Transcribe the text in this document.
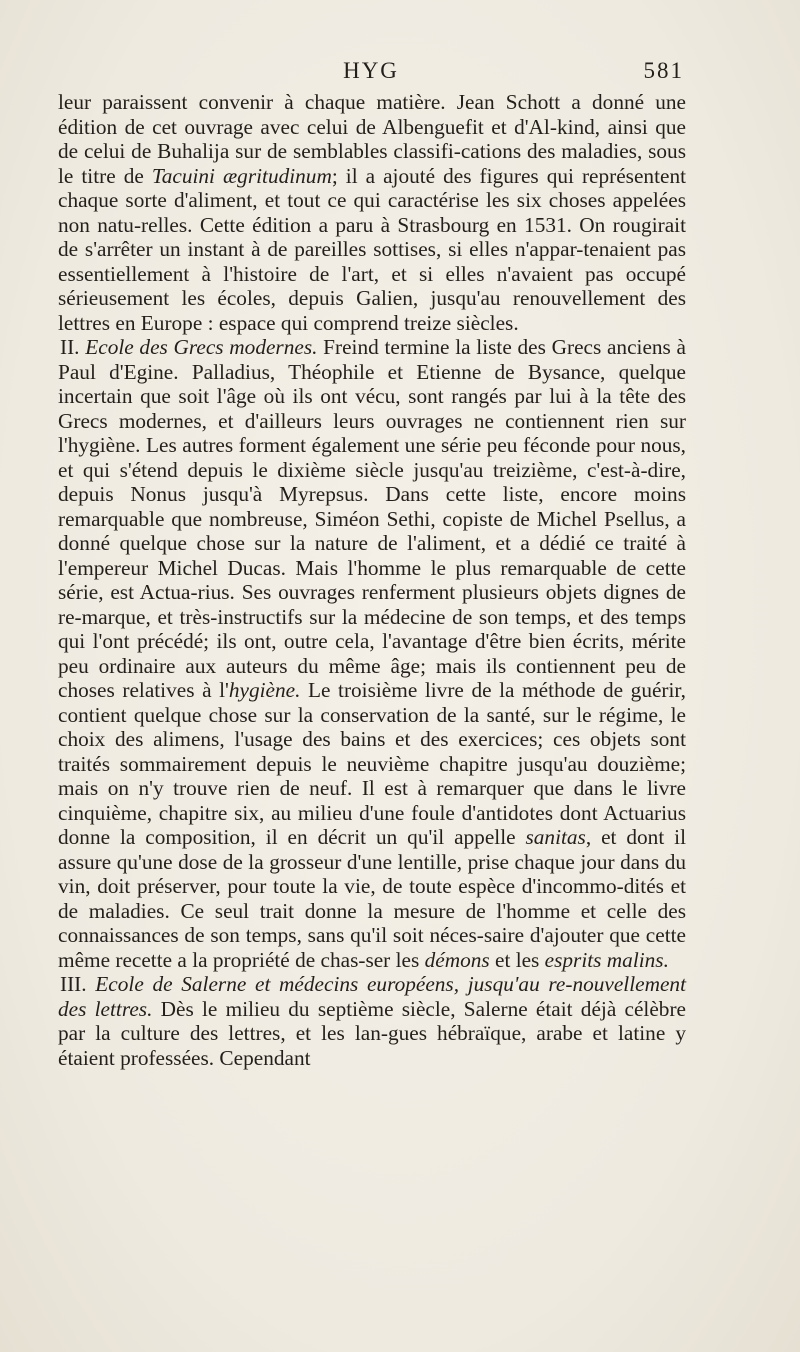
HYG	581

leur paraissent convenir à chaque matière. Jean Schott a donné une édition de cet ouvrage avec celui de Albenguefit et d'Al-kind, ainsi que de celui de Buhalija sur de semblables classifi-cations des maladies, sous le titre de Tacuini ægritudinum; il a ajouté des figures qui représentent chaque sorte d'aliment, et tout ce qui caractérise les six choses appelées non natu-relles. Cette édition a paru à Strasbourg en 1531. On rougirait de s'arrêter un instant à de pareilles sottises, si elles n'appar-tenaient pas essentiellement à l'histoire de l'art, et si elles n'avaient pas occupé sérieusement les écoles, depuis Galien, jusqu'au renouvellement des lettres en Europe : espace qui comprend treize siècles.

II. Ecole des Grecs modernes. Freind termine la liste des Grecs anciens à Paul d'Egine. Palladius, Théophile et Etienne de Bysance, quelque incertain que soit l'âge où ils ont vécu, sont rangés par lui à la tête des Grecs modernes, et d'ailleurs leurs ouvrages ne contiennent rien sur l'hygiène. Les autres forment également une série peu féconde pour nous, et qui s'étend depuis le dixième siècle jusqu'au treizième, c'est-à-dire, depuis Nonus jusqu'à Myrepsus. Dans cette liste, encore moins remarquable que nombreuse, Siméon Sethi, copiste de Michel Psellus, a donné quelque chose sur la nature de l'aliment, et a dédié ce traité à l'empereur Michel Ducas. Mais l'homme le plus remarquable de cette série, est Actua-rius. Ses ouvrages renferment plusieurs objets dignes de re-marque, et très-instructifs sur la médecine de son temps, et des temps qui l'ont précédé; ils ont, outre cela, l'avantage d'être bien écrits, mérite peu ordinaire aux auteurs du même âge; mais ils contiennent peu de choses relatives à l'hygiène. Le troisième livre de la méthode de guérir, contient quelque chose sur la conservation de la santé, sur le régime, le choix des alimens, l'usage des bains et des exercices; ces objets sont traités sommairement depuis le neuvième chapitre jusqu'au douzième; mais on n'y trouve rien de neuf. Il est à remarquer que dans le livre cinquième, chapitre six, au milieu d'une foule d'antidotes dont Actuarius donne la composition, il en décrit un qu'il appelle sanitas, et dont il assure qu'une dose de la grosseur d'une lentille, prise chaque jour dans du vin, doit préserver, pour toute la vie, de toute espèce d'incommo-dités et de maladies. Ce seul trait donne la mesure de l'homme et celle des connaissances de son temps, sans qu'il soit néces-saire d'ajouter que cette même recette a la propriété de chas-ser les démons et les esprits malins.

III. Ecole de Salerne et médecins européens, jusqu'au re-nouvellement des lettres. Dès le milieu du septième siècle, Salerne était déjà célèbre par la culture des lettres, et les lan-gues hébraïque, arabe et latine y étaient professées. Cependant
